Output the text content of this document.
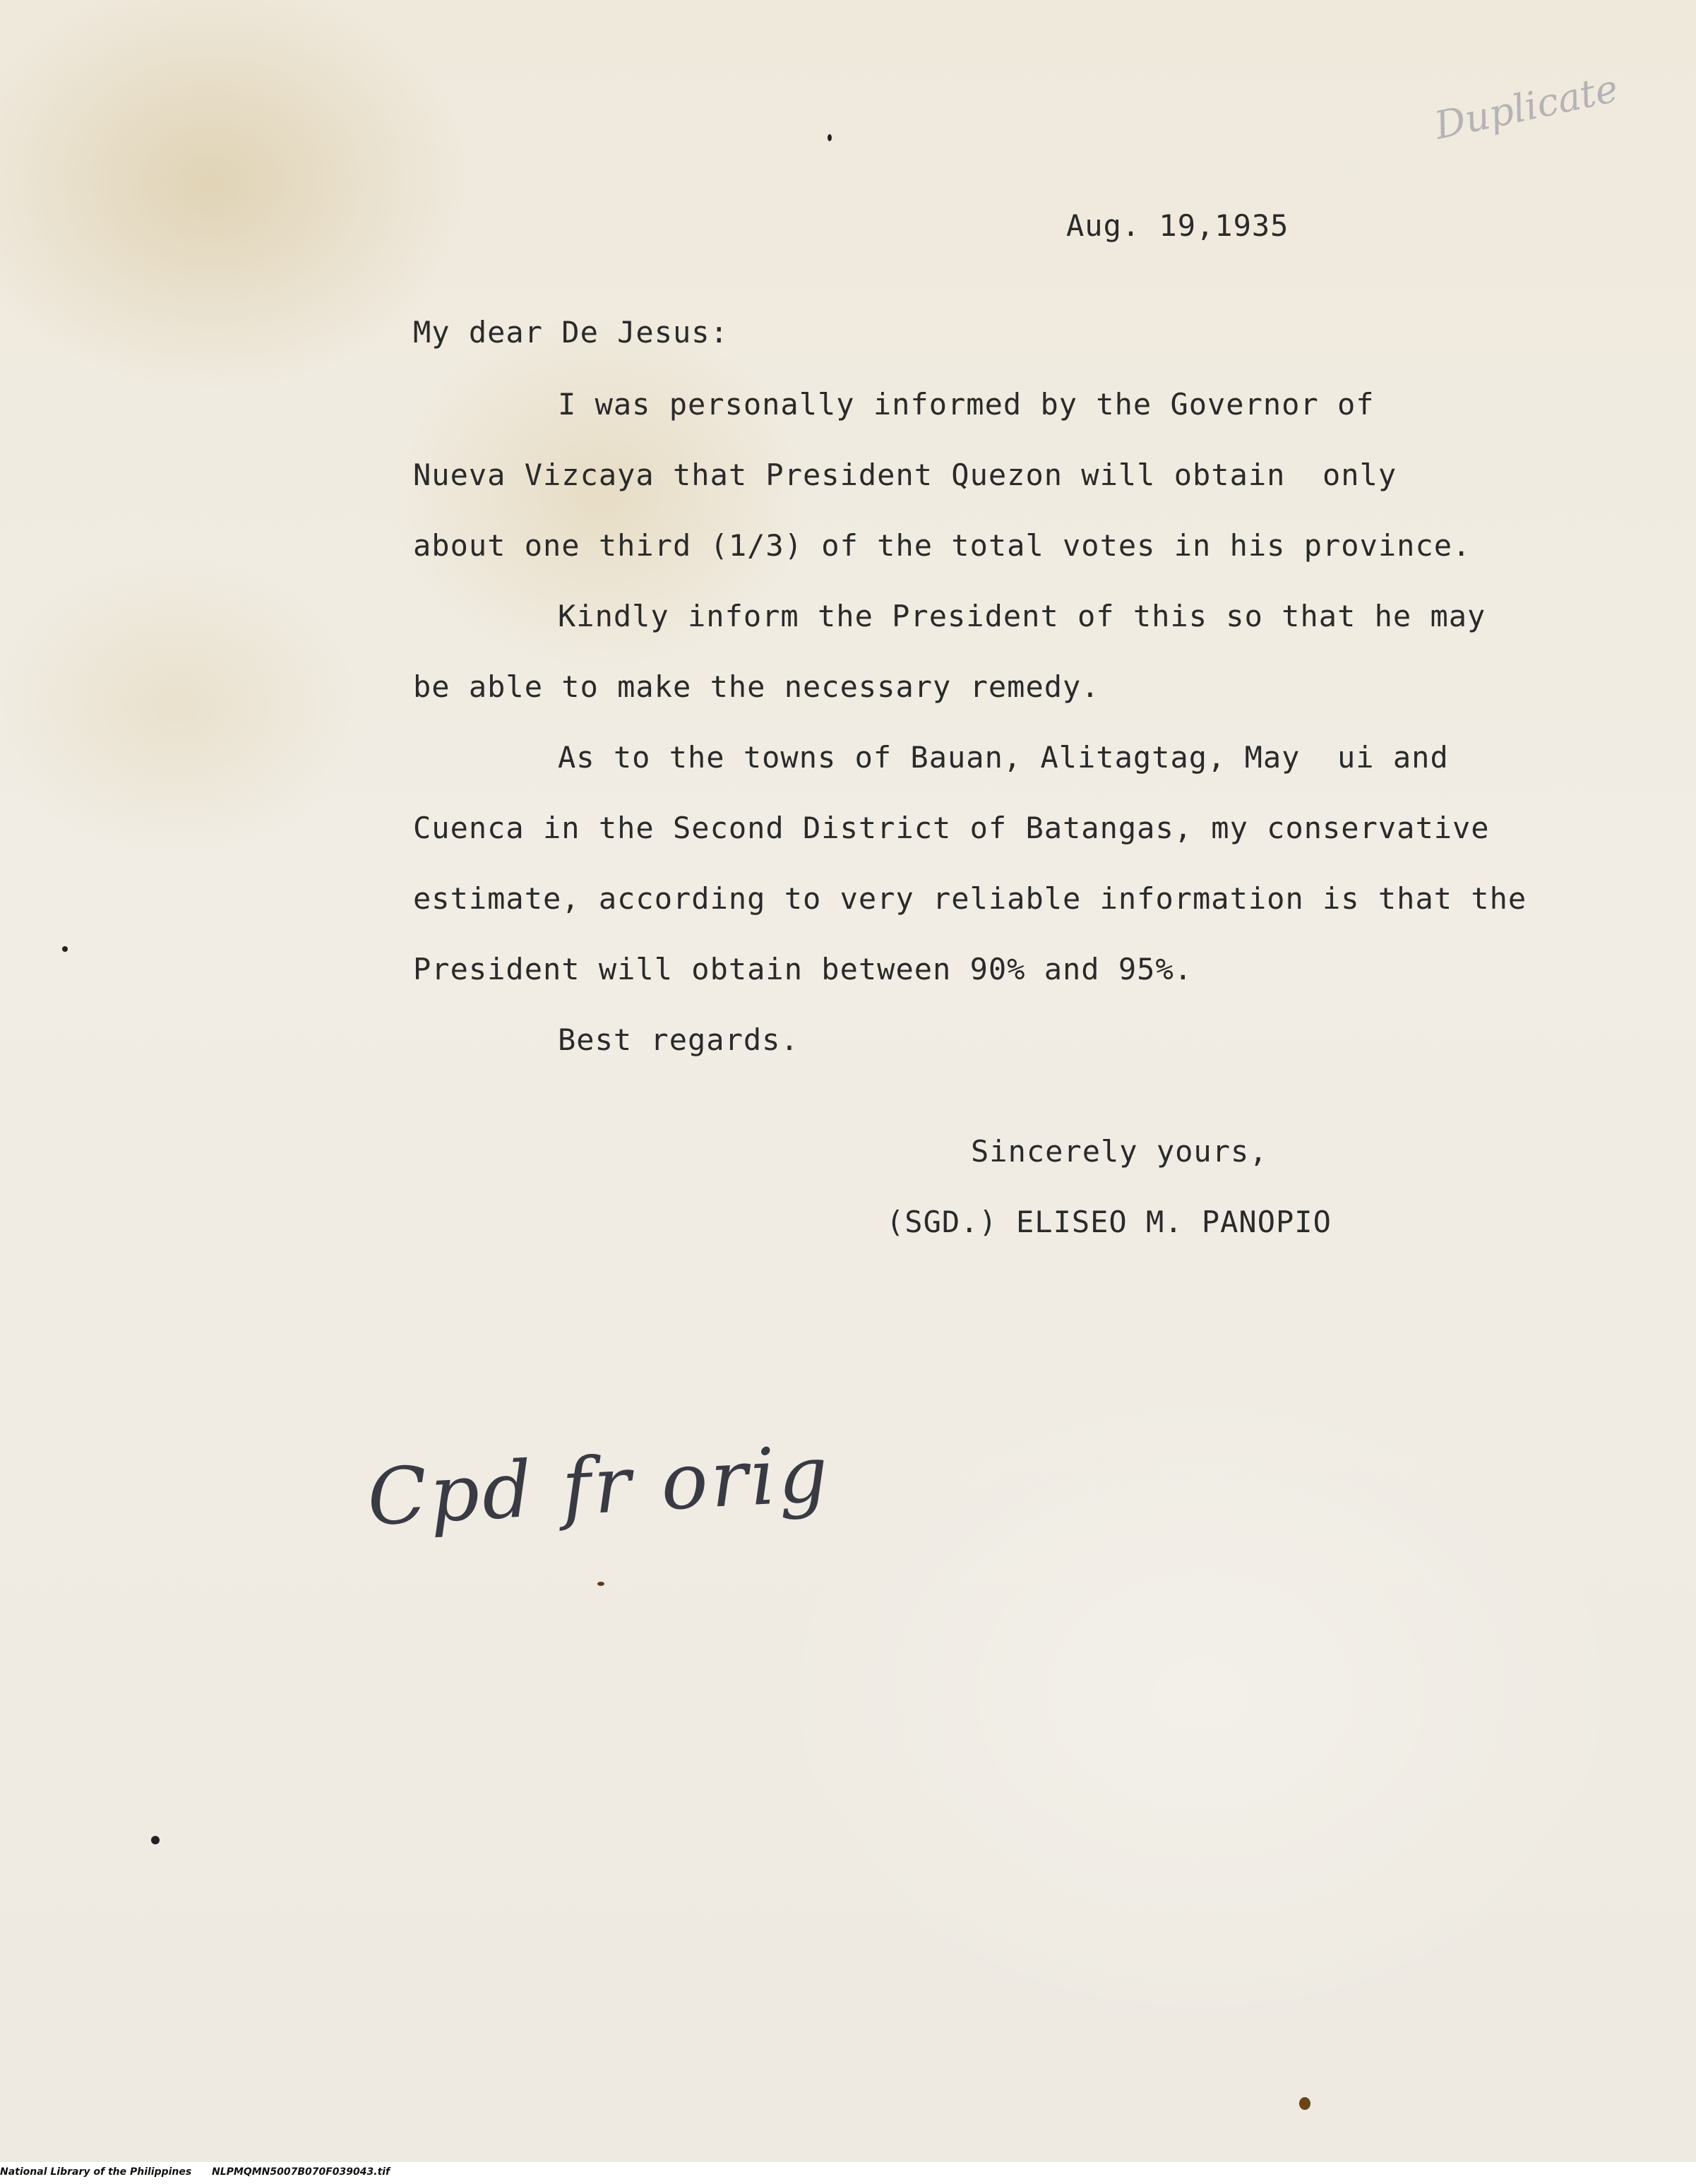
Duplicate
Aug. 19,1935
My dear De Jesus:
I was personally informed by the Governor of
Nueva Vizcaya that President Quezon will obtain  only
about one third (1/3) of the total votes in his province.
Kindly inform the President of this so that he may
be able to make the necessary remedy.
As to the towns of Bauan, Alitagtag, May  ui and
Cuenca in the Second District of Batangas, my conservative
estimate, according to very reliable information is that the
President will obtain between 90% and 95%.
Best regards.
Sincerely yours,
(SGD.) ELISEO M. PANOPIO
Cpd fr orig
National Library of the Philippines NLPMQMN5007B070F039043.tif
